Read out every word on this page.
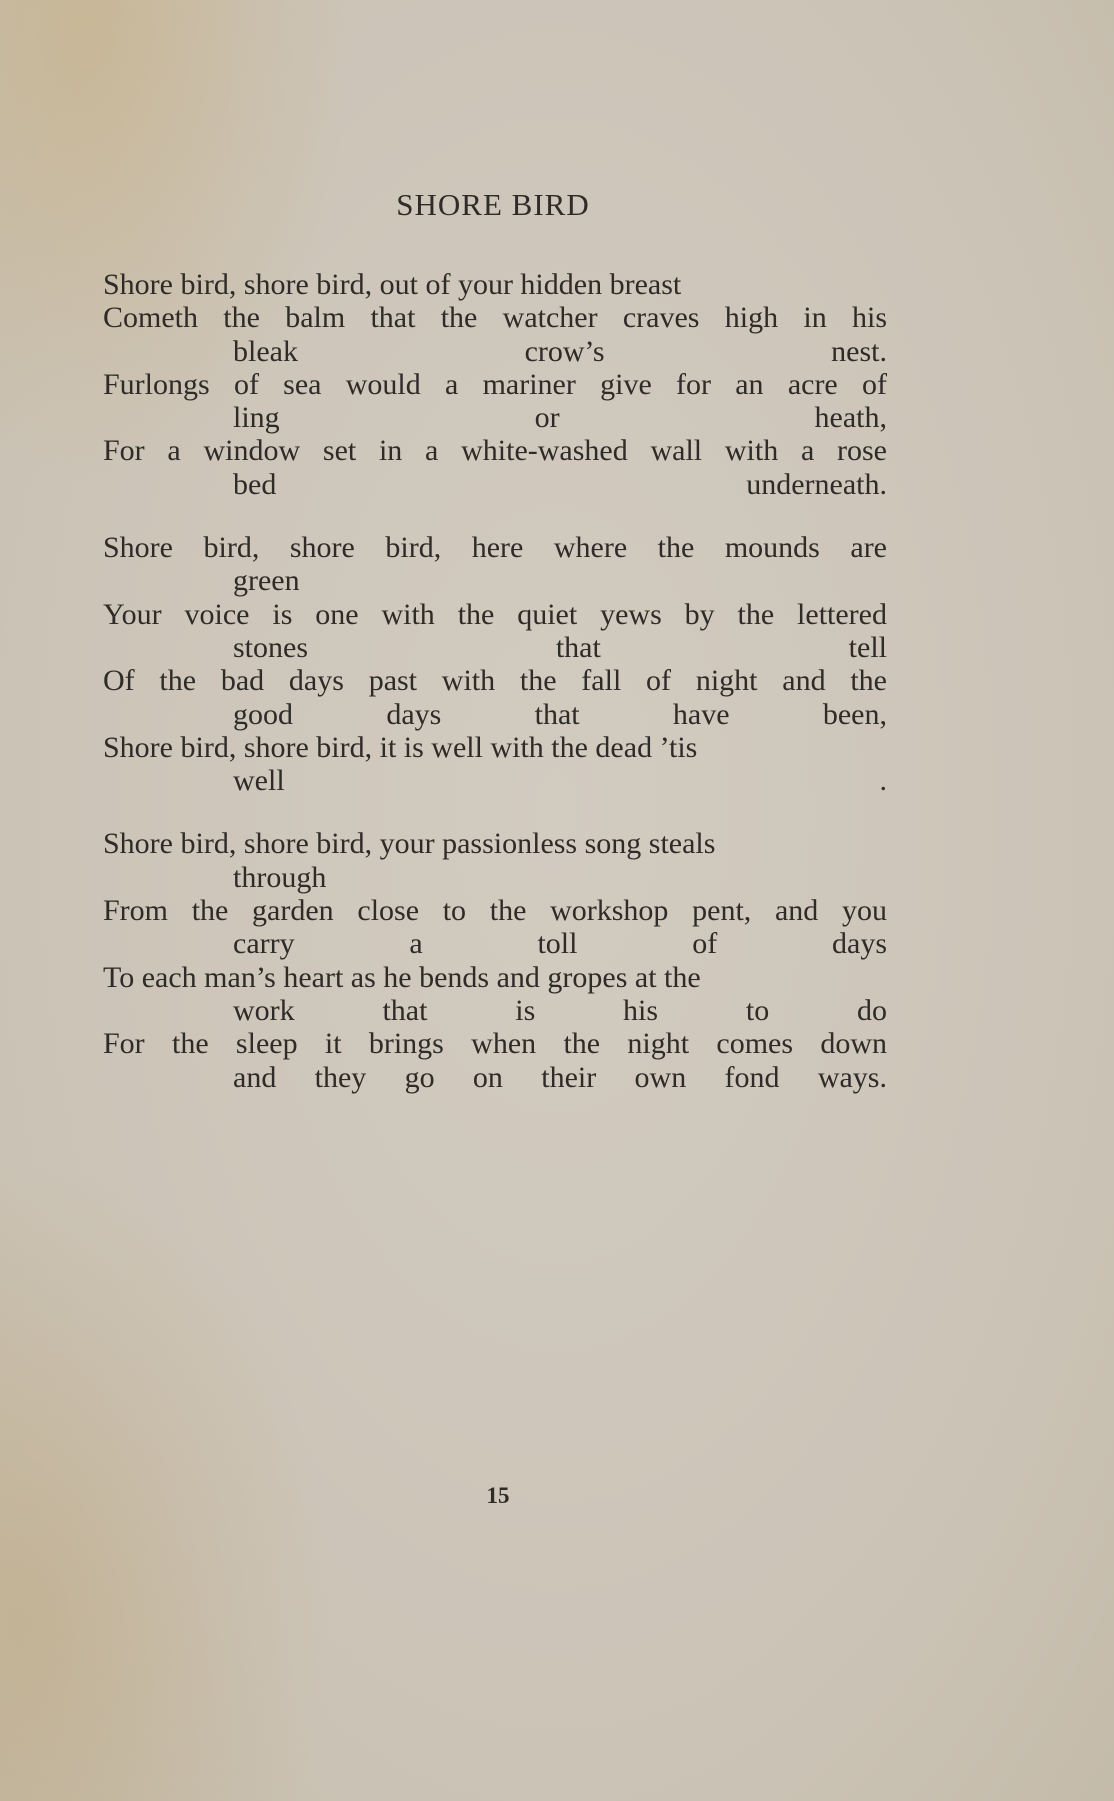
SHORE BIRD
Shore bird, shore bird, out of your hidden breast
Cometh the balm that the watcher craves high in his
bleak crow’s nest.
Furlongs of sea would a mariner give for an acre of
ling or heath,
For a window set in a white-washed wall with a rose
bed underneath.
Shore bird, shore bird, here where the mounds are
green
Your voice is one with the quiet yews by the lettered
stones that tell
Of the bad days past with the fall of night and the
good days that have been,
Shore bird, shore bird, it is well with the dead ’tis
well .
Shore bird, shore bird, your passionless song steals
through
From the garden close to the workshop pent, and you
carry a toll of days
To each man’s heart as he bends and gropes at the
work that is his to do
For the sleep it brings when the night comes down
and they go on their own fond ways.
15
